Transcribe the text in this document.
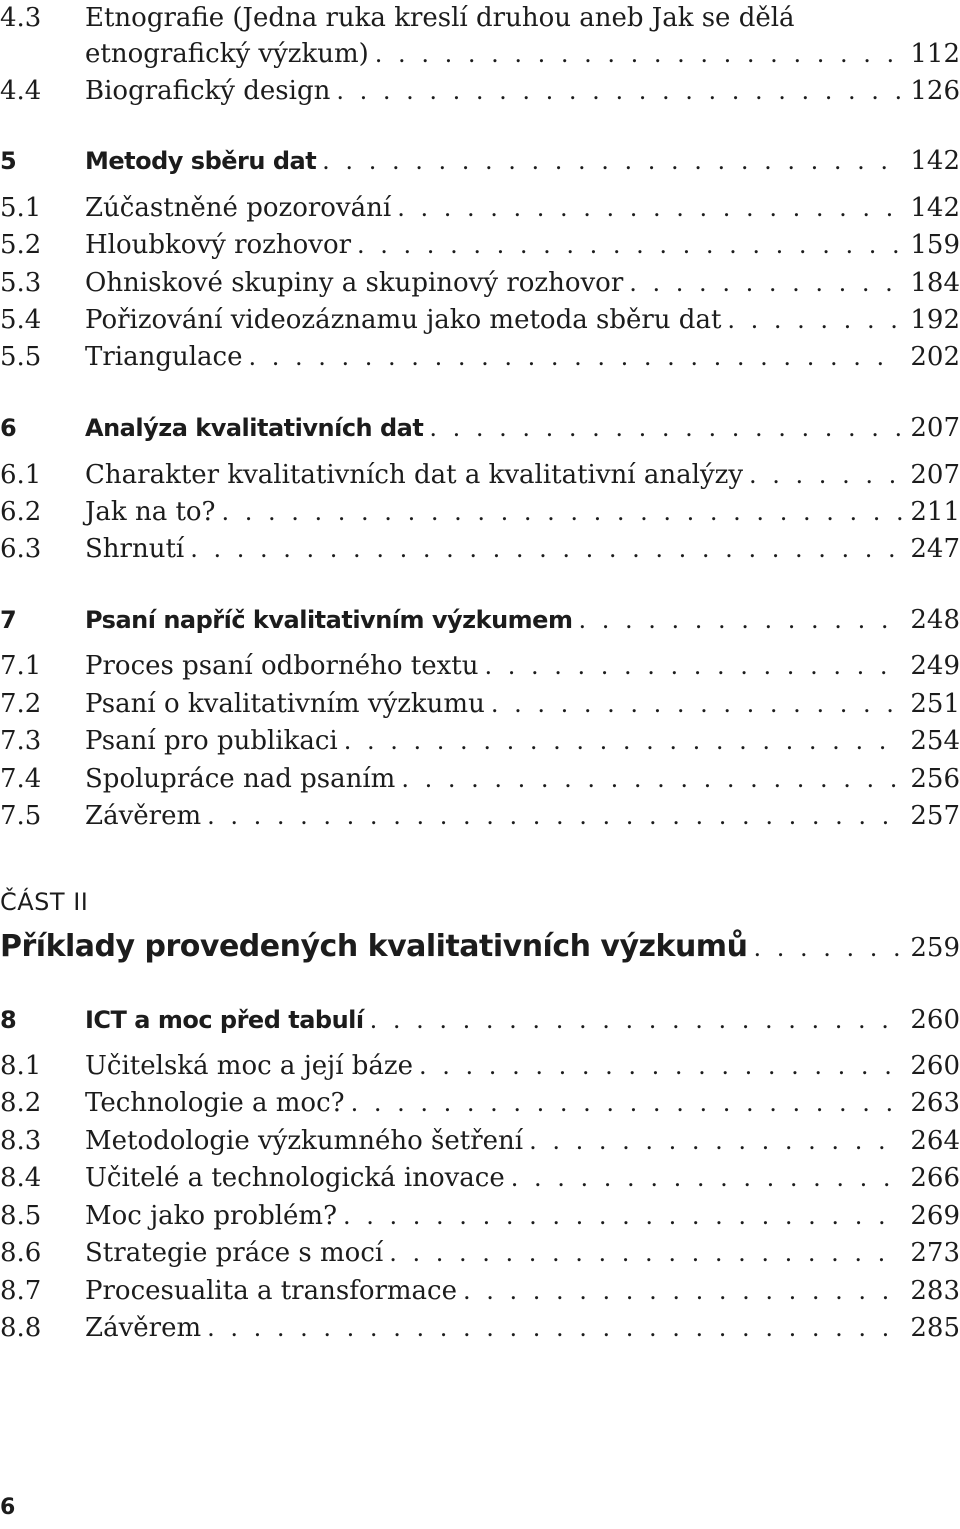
4.3	Etnografie (Jedna ruka kreslí druhou aneb Jak se dělá
etnografický výzkum) . . .	112
4.4	Biografický design . . .	126
5	Metody sběru dat . . .	142
5.1	Zúčastněné pozorování . . .	142
5.2	Hloubkový rozhovor . . .	159
5.3	Ohniskové skupiny a skupinový rozhovor . . .	184
5.4	Pořizování videozáznamu jako metoda sběru dat . . .	192
5.5	Triangulace . . .	202
6	Analýza kvalitativních dat . . .	207
6.1	Charakter kvalitativních dat a kvalitativní analýzy . . .	207
6.2	Jak na to? . . .	211
6.3	Shrnutí . . .	247
7	Psaní napříč kvalitativním výzkumem . . .	248
7.1	Proces psaní odborného textu . . .	249
7.2	Psaní o kvalitativním výzkumu . . .	251
7.3	Psaní pro publikaci . . .	254
7.4	Spolupráce nad psaním . . .	256
7.5	Závěrem . . .	257
ČÁST II
Příklady provedených kvalitativních výzkumů . . .	259
8	ICT a moc před tabulí . . .	260
8.1	Učitelská moc a její báze . . .	260
8.2	Technologie a moc? . . .	263
8.3	Metodologie výzkumného šetření . . .	264
8.4	Učitelé a technologická inovace . . .	266
8.5	Moc jako problém? . . .	269
8.6	Strategie práce s mocí . . .	273
8.7	Procesualita a transformace . . .	283
8.8	Závěrem . . .	285
6
